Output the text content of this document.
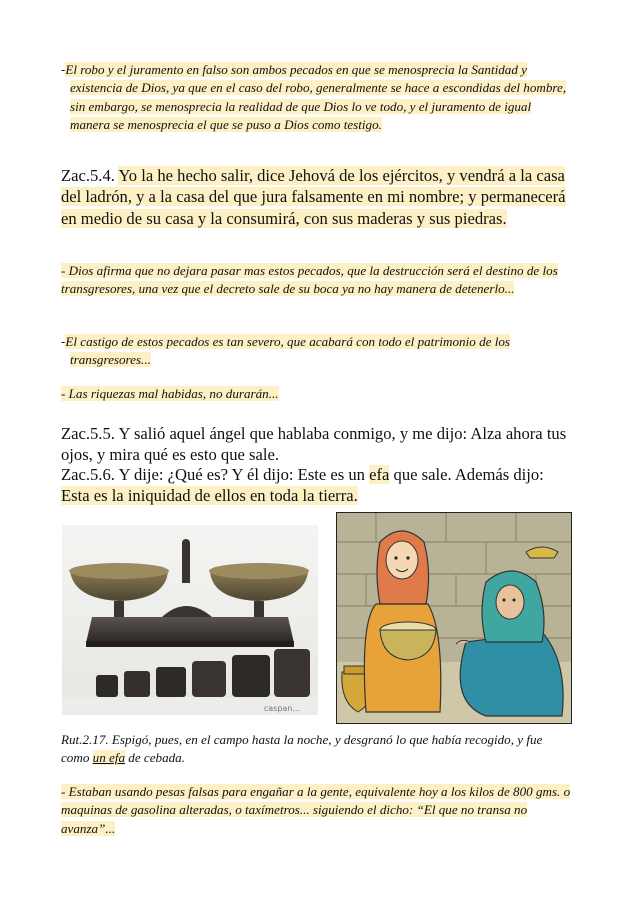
-El robo y el juramento en falso son ambos pecados en que se menosprecia la Santidad y existencia de Dios, ya que en el caso del robo, generalmente se hace a escondidas del hombre, sin embargo, se menosprecia la realidad de que Dios lo ve todo, y el juramento de igual manera se menosprecia el que se puso a Dios como testigo.
Zac.5.4. Yo la he hecho salir, dice Jehová de los ejércitos, y vendrá a la casa del ladrón, y a la casa del que jura falsamente en mi nombre; y permanecerá en medio de su casa y la consumirá, con sus maderas y sus piedras.
- Dios afirma que no dejara pasar mas estos pecados, que la destrucción será el destino de los transgresores, una vez que el decreto sale de su boca ya no hay manera de detenerlo...
-El castigo de estos pecados es tan severo, que acabará con todo el patrimonio de los transgresores...
- Las riquezas mal habidas, no durarán...
Zac.5.5. Y salió aquel ángel que hablaba conmigo, y me dijo: Alza ahora tus ojos, y mira qué es esto que sale.
Zac.5.6. Y dije: ¿Qué es? Y él dijo: Este es un efa que sale. Además dijo:
Esta es la iniquidad de ellos en toda la tierra.
caspan...
Rut.2.17. Espigó, pues, en el campo hasta la noche, y desgranó lo que había recogido, y fue como un efa de cebada.
- Estaban usando pesas falsas para engañar a la gente, equivalente hoy a los kilos de 800 gms. o maquinas de gasolina alteradas, o taxímetros... siguiendo el dicho: “El que no transa no avanza”...
